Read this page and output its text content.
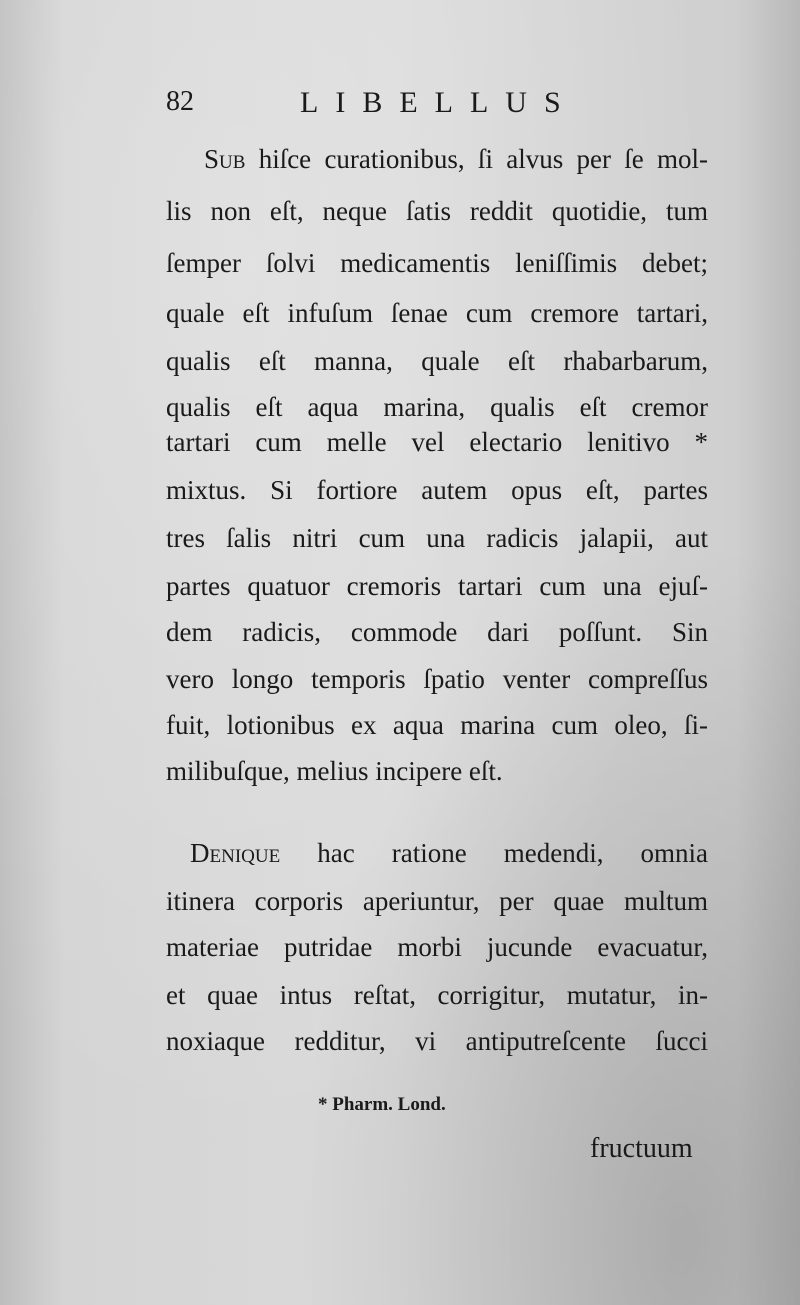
82	LIBELLUS
Sub hiſce curationibus, ſi alvus per ſe mol-
lis non eſt, neque ſatis reddit quotidie, tum
ſemper ſolvi medicamentis leniſſimis debet;
quale eſt infuſum ſenae cum cremore tartari,
qualis eſt manna, quale eſt rhabarbarum,
qualis eſt aqua marina, qualis eſt cremor
tartari cum melle vel electario lenitivo *
mixtus. Si fortiore autem opus eſt, partes
tres ſalis nitri cum una radicis jalapii, aut
partes quatuor cremoris tartari cum una ejuſ-
dem radicis, commode dari poſſunt. Sin
vero longo temporis ſpatio venter compreſſus
fuit, lotionibus ex aqua marina cum oleo, ſi-
milibuſque, melius incipere eſt.
Denique hac ratione medendi, omnia
itinera corporis aperiuntur, per quae multum
materiae putridae morbi jucunde evacuatur,
et quae intus reſtat, corrigitur, mutatur, in-
noxiaque redditur, vi antiputreſcente ſucci
* Pharm. Lond.
fructuum
